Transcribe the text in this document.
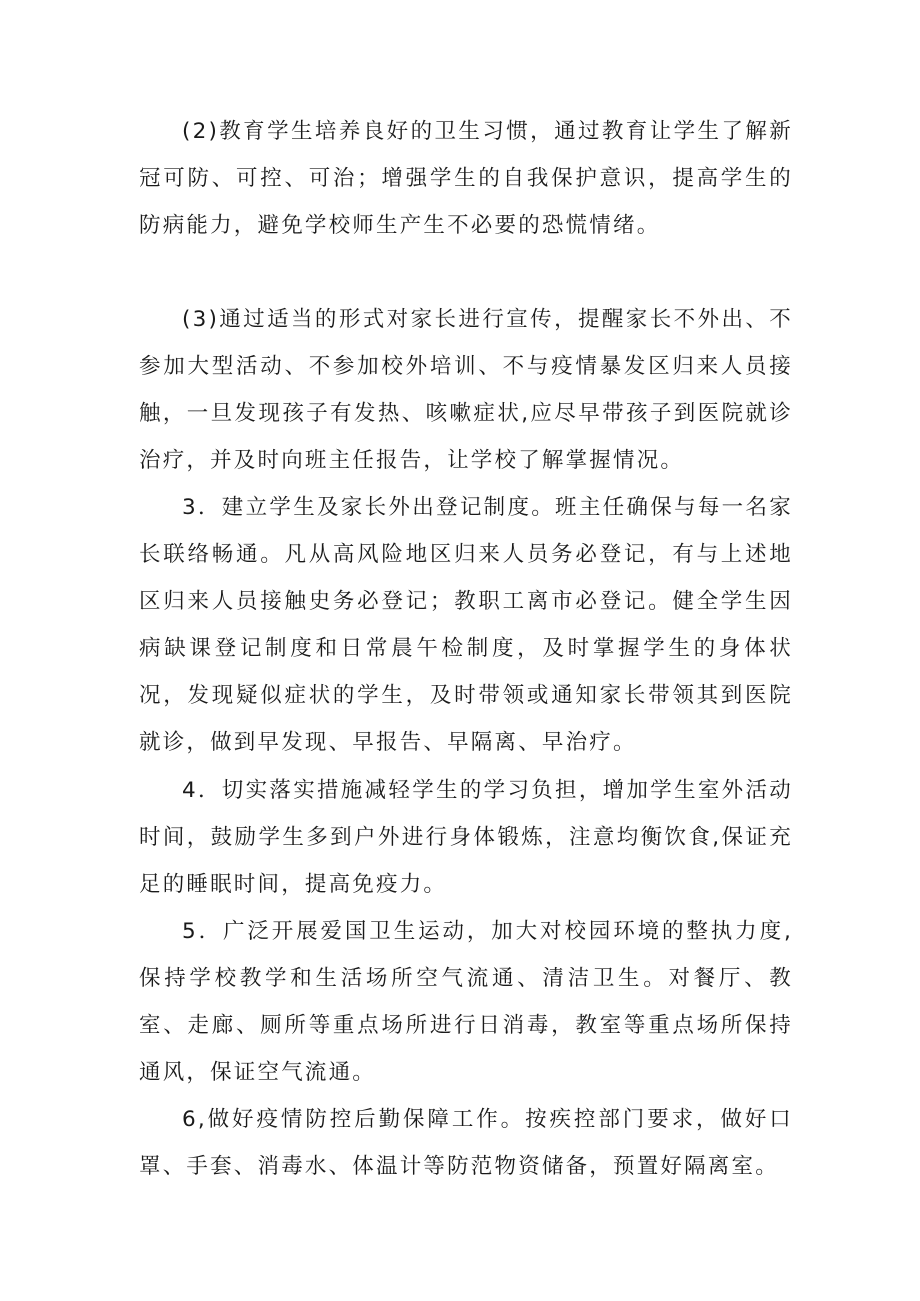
(2)教育学生培养良好的卫生习惯，通过教育让学生了解新冠可防、可控、可治；增强学生的自我保护意识，提高学生的防病能力，避免学校师生产生不必要的恐慌情绪。

(3)通过适当的形式对家长进行宣传，提醒家长不外出、不参加大型活动、不参加校外培训、不与疫情暴发区归来人员接触，一旦发现孩子有发热、咳嗽症状,应尽早带孩子到医院就诊治疗，并及时向班主任报告，让学校了解掌握情况。

3．建立学生及家长外出登记制度。班主任确保与每一名家长联络畅通。凡从高风险地区归来人员务必登记，有与上述地区归来人员接触史务必登记；教职工离市必登记。健全学生因病缺课登记制度和日常晨午检制度，及时掌握学生的身体状况，发现疑似症状的学生，及时带领或通知家长带领其到医院就诊，做到早发现、早报告、早隔离、早治疗。

4．切实落实措施减轻学生的学习负担，增加学生室外活动时间，鼓励学生多到户外进行身体锻炼，注意均衡饮食,保证充足的睡眠时间，提高免疫力。

5．广泛开展爱国卫生运动，加大对校园环境的整执力度,保持学校教学和生活场所空气流通、清洁卫生。对餐厅、教室、走廊、厕所等重点场所进行日消毒，教室等重点场所保持通风，保证空气流通。

6,做好疫情防控后勤保障工作。按疾控部门要求，做好口罩、手套、消毒水、体温计等防范物资储备，预置好隔离室。
